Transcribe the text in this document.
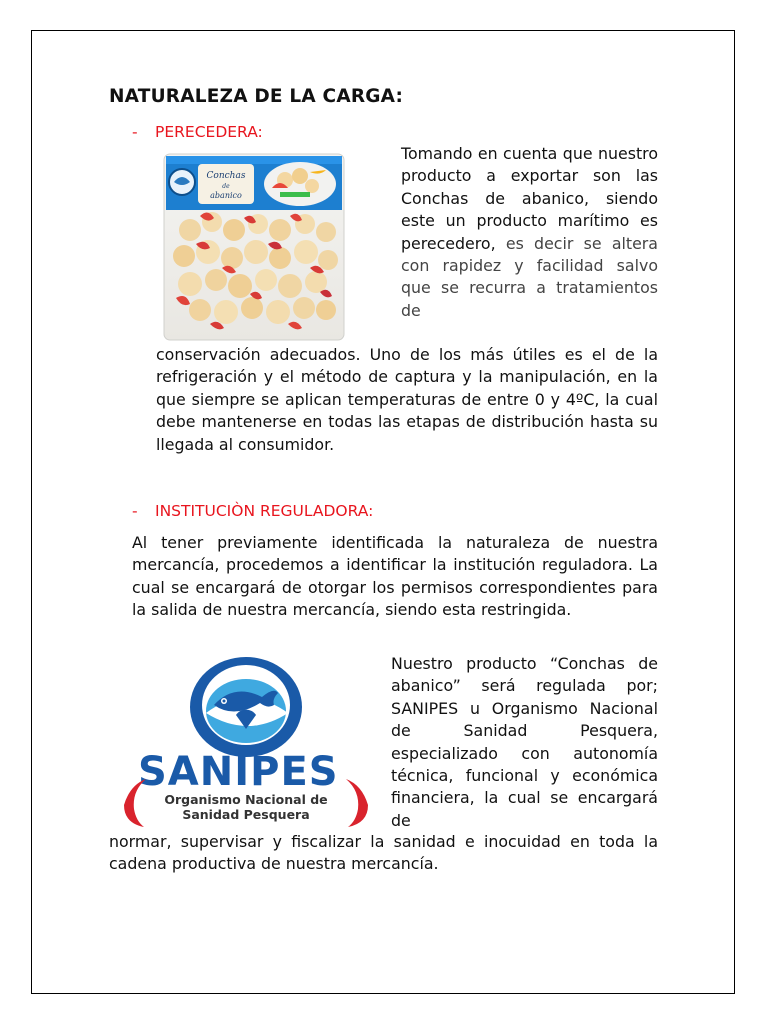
NATURALEZA DE LA CARGA:
- PERECEDERA:
Conchas
de
abanico
Tomando en cuenta que nuestro producto a exportar son las Conchas de abanico, siendo este un producto marítimo es perecedero, es decir se altera con rapidez y facilidad salvo que se recurra a tratamientos de
conservación adecuados. Uno de los más útiles es el de la refrigeración y el método de captura y la manipulación, en la que siempre se aplican temperaturas de entre 0 y 4ºC, la cual debe mantenerse en todas las etapas de distribución hasta su llegada al consumidor.
- INSTITUCIÒN REGULADORA:
Al tener previamente identificada la naturaleza de nuestra mercancía, procedemos a identificar la institución reguladora. La cual se encargará de otorgar los permisos correspondientes para la salida de nuestra mercancía, siendo esta restringida.
SANIPES
Organismo Nacional de
Sanidad Pesquera
Nuestro producto “Conchas de abanico” será regulada por; SANIPES u Organismo Nacional de Sanidad Pesquera, especializado con autonomía técnica, funcional y económica financiera, la cual se encargará de
normar, supervisar y fiscalizar la sanidad e inocuidad en toda la cadena productiva de nuestra mercancía.
